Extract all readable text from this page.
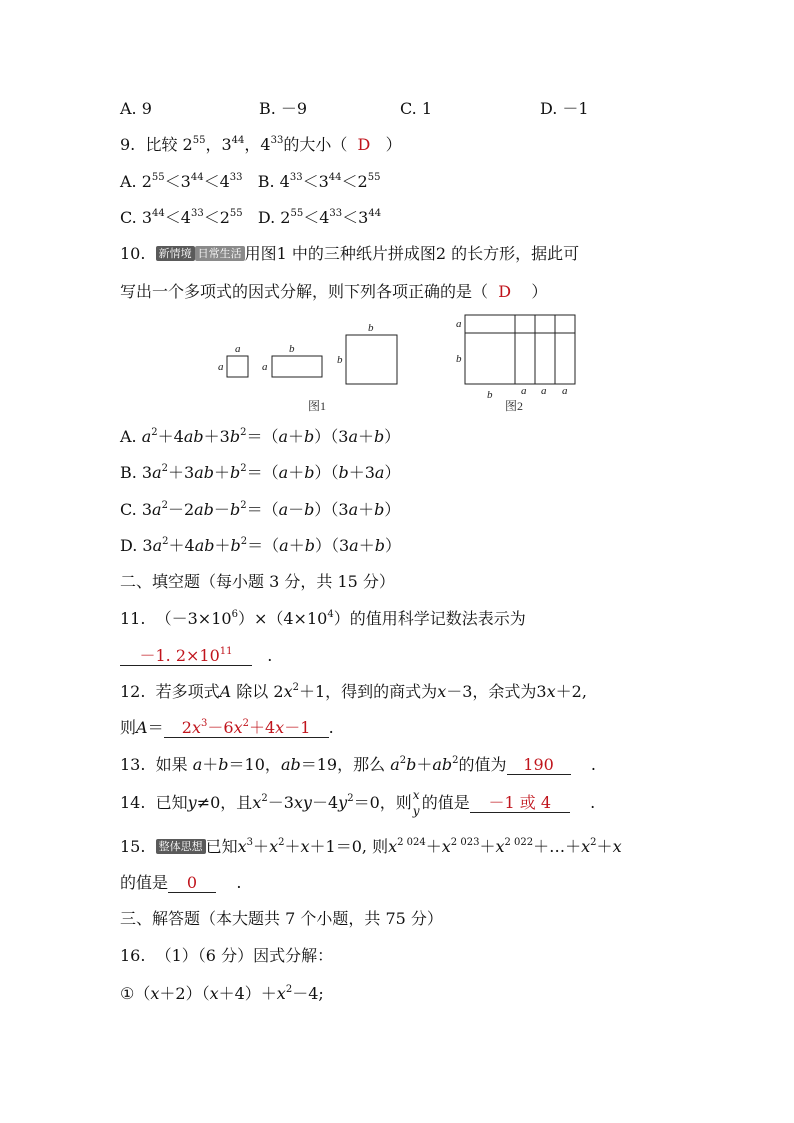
A. 9	B. －9	C. 1	D. －1
9. 比较 $2^{55}$，$3^{44}$，$4^{33}$的大小（ D ）
A. $2^{55}<3^{44}<4^{33}$ B. $4^{33}<3^{44}<2^{55}$
C. $3^{44}<4^{33}<2^{55}$ D. $2^{55}<4^{33}<3^{44}$
10. 新情境 日常生活 用图1 中的三种纸片拼成图2 的长方形，据此可
写出一个多项式的因式分解，则下列各项正确的是（ D ）
a
a
b
a
b
b
图1
a
b
b	a a a
图2
A. $a^2+4ab+3b^2=(a+b)(3a+b)$
B. $3a^2+3ab+b^2=(a+b)(b+3a)$
C. $3a^2-2ab-b^2=(a-b)(3a+b)$
D. $3a^2+4ab+b^2=(a+b)(3a+b)$
二、填空题（每小题 3 分，共 15 分）
11.  $(-3\times 10^6)\times(4\times 10^4)$的值用科学记数法表示为
－1. $2\times 10^{11}$ .
12. 若多项式A 除以 $2x^2+1$，得到的商式为x－3，余式为3x＋2,
则$A= 2x^3-6x^2+4x-1$ .
13. 如果 a＋b＝10，ab＝19，那么 $a^2b+ab^2$的值为 190 .
14. 已知y≠0，且$x^2-3xy-4y^2=0$，则 x
y 的值是 －1 或 4 .
15. 整体思想 已知$x^3+x^2+x+1=0$, 则$x^{2 024}+x^{2 023}+x^{2 022}+\dots+x^2+x$
的值是 0 .
三、解答题（本大题共 7 个小题，共 75 分）
16. （1）（6 分）因式分解：
$①(x+2)(x+4)+x^2-4$;
